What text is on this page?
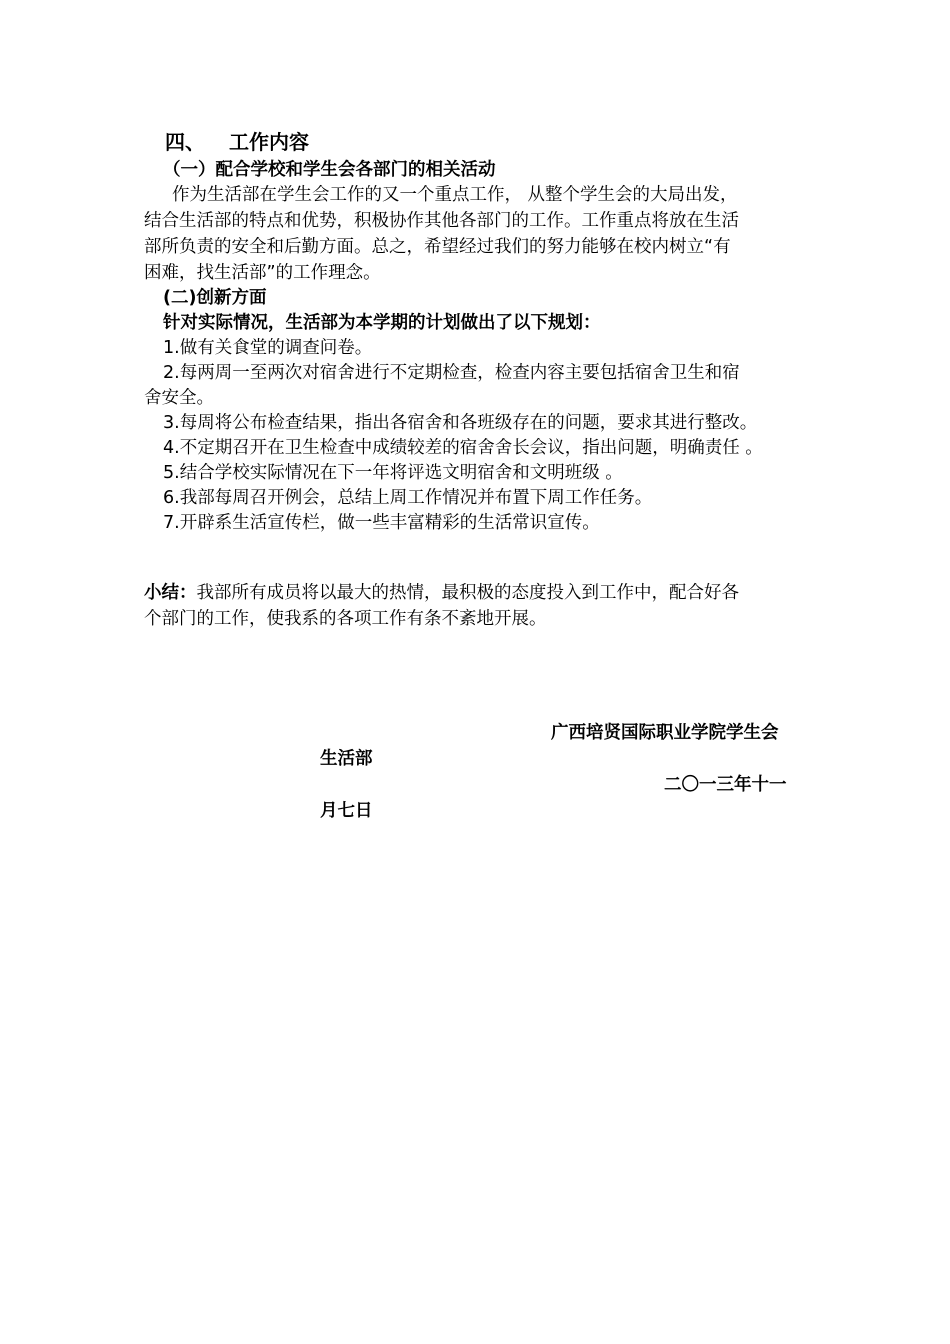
四、 工作内容

（一）配合学校和学生会各部门的相关活动

作为生活部在学生会工作的又一个重点工作， 从整个学生会的大局出发，

结合生活部的特点和优势，积极协作其他各部门的工作。工作重点将放在生活

部所负责的安全和后勤方面。总之，希望经过我们的努力能够在校内树立“有

困难，找生活部”的工作理念。

(二)创新方面

针对实际情况，生活部为本学期的计划做出了以下规划：

1.做有关食堂的调查问卷。

2.每两周一至两次对宿舍进行不定期检查，检查内容主要包括宿舍卫生和宿

舍安全。

3.每周将公布检查结果，指出各宿舍和各班级存在的问题，要求其进行整改。

4.不定期召开在卫生检查中成绩较差的宿舍舍长会议，指出问题，明确责任 。

5.结合学校实际情况在下一年将评选文明宿舍和文明班级 。

6.我部每周召开例会，总结上周工作情况并布置下周工作任务。

7.开辟系生活宣传栏，做一些丰富精彩的生活常识宣传。

小结：我部所有成员将以最大的热情，最积极的态度投入到工作中，配合好各

个部门的工作，使我系的各项工作有条不紊地开展。

广西培贤国际职业学院学生会

生活部

二〇一三年十一

月七日
